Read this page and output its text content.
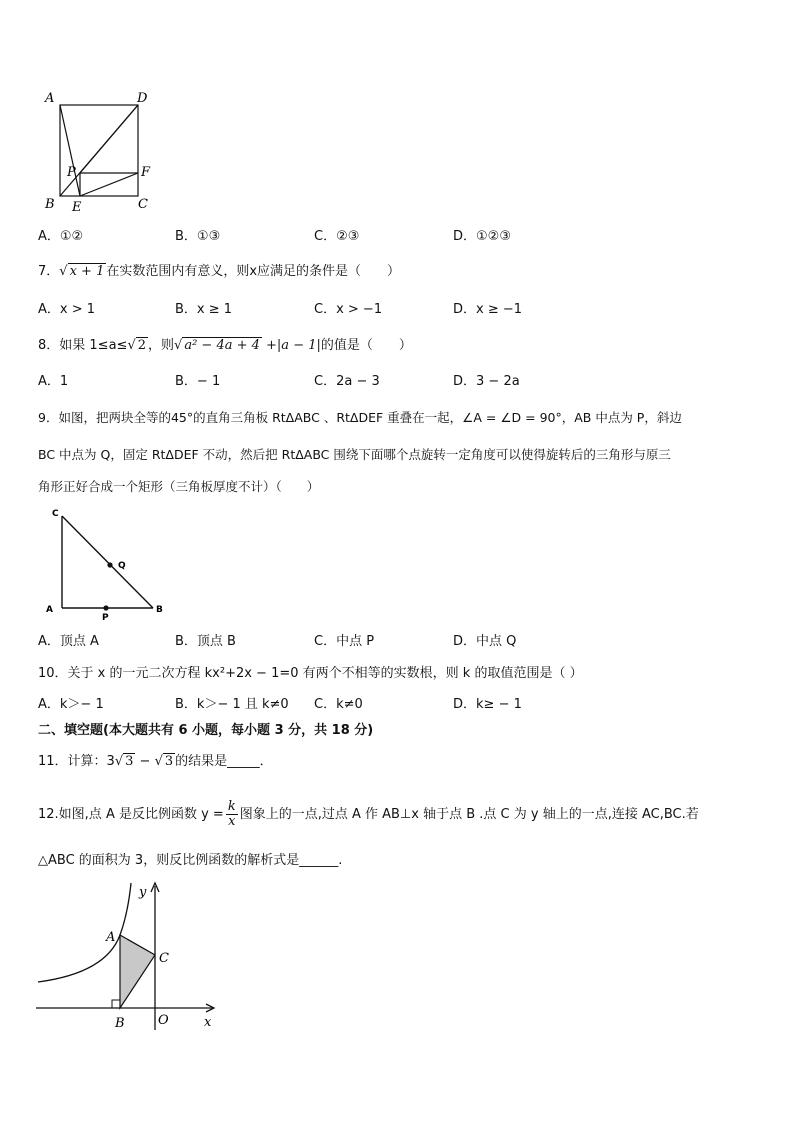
A	D
P	F
B E	C
A．①②	B．①③	C．②③	D．①②③
7．√ x + 1 在实数范围内有意义，则x应满足的条件是（　　）
A．x > 1	B．x ≥ 1	C．x > −1	D．x ≥ −1
8．如果 1≤a≤√ 2 ，则√ a² − 4a + 4 +|a − 1|的值是（　　）
A．1	B．− 1	C．2a − 3	D．3 − 2a
9．如图，把两块全等的45°的直角三角板 RtΔABC 、RtΔDEF 重叠在一起，∠A = ∠D = 90°，AB 中点为 P，斜边
BC 中点为 Q，固定 RtΔDEF 不动，然后把 RtΔABC 围绕下面哪个点旋转一定角度可以使得旋转后的三角形与原三
角形正好合成一个矩形（三角板厚度不计）（　　）
C
Q
A
P
B
A．顶点 A	B．顶点 B	C．中点 P	D．中点 Q
10．关于 x 的一元二次方程 kx²+2x − 1=0 有两个不相等的实数根，则 k 的取值范围是（ ）
A．k＞− 1	B．k＞− 1 且 k≠0 C．k≠0	D．k≥ − 1
二、填空题(本大题共有 6 小题，每小题 3 分，共 18 分)
11．计算：3√ 3 − √ 3 的结果是_____．
12.如图,点 A 是反比例函数 $y = \frac{k}{x}$ 图象上的一点,过点 A 作 AB⊥x 轴于点 B .点 C 为 y 轴上的一点,连接 AC,BC.若
△ABC 的面积为 3，则反比例函数的解析式是______.
y
A
C
B	O	x
